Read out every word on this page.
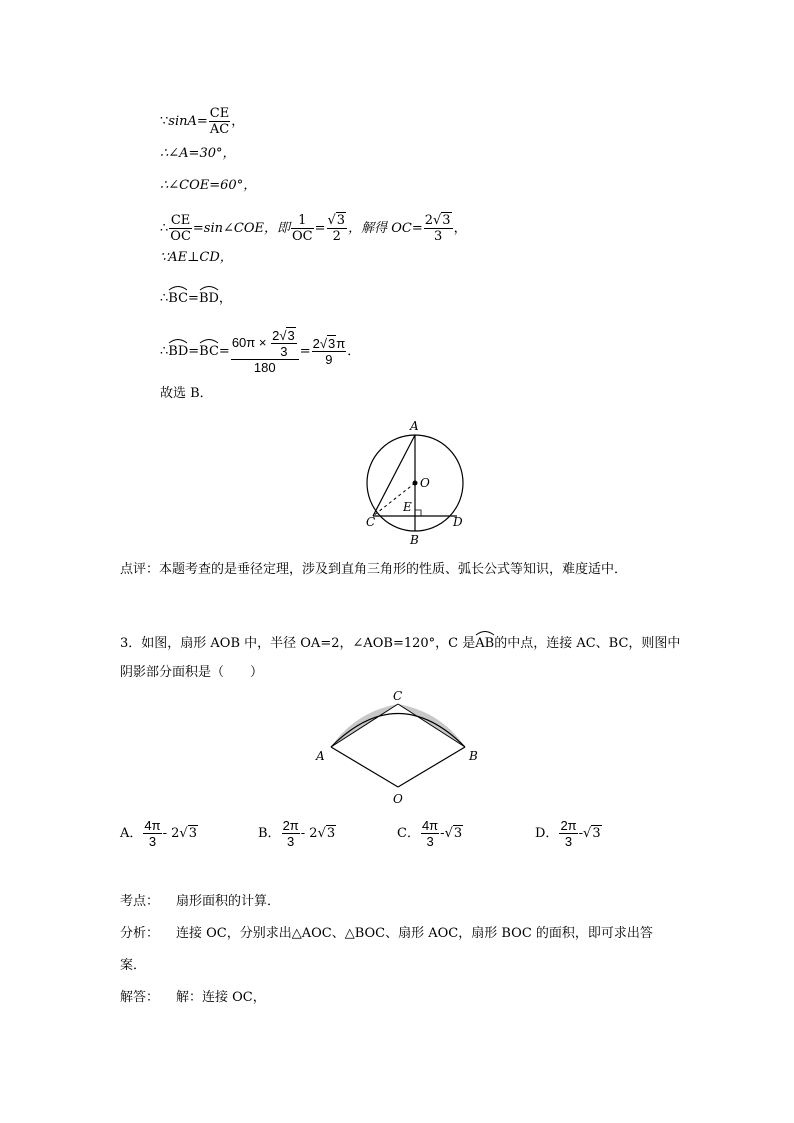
∵sinA= $\frac{CE}{AC}$ ，
∴∠A=30°，
∴∠COE=60°，
∴ $\frac{CE}{OC}$ =sin∠COE，即 $\frac{1}{OC} = \frac{√3}{2}$ ，解得 $OC= \frac{2√3}{3}$ ，
∵AE⊥CD，
∴
BC=
BD，
∴
BD=
$BC= \frac{60\pi \times \frac{2√3}{3}}{180} = \frac{2√3\pi}{9}$ ．
故选 B．
A
O
E
C	D
B
点评：本题考查的是垂径定理，涉及到直角三角形的性质、弧长公式等知识，难度适中．
3．如图，扇形 AOB 中，半径 OA=2，∠AOB=120°，C 是
AB的中点，连接 AC、BC，则图中
阴影部分面积是（　　）
C
A	B
O
A． $\frac{4\pi}{3} - 2√3$	B． $\frac{2\pi}{3} - 2√3$	C． $\frac{4\pi}{3} -√3$	D． $\frac{2\pi}{3} -√3$
考点： 扇形面积的计算．
分析： 连接 OC，分别求出△AOC、△BOC、扇形 AOC，扇形 BOC 的面积，即可求出答
案．
解答： 解：连接 OC，
